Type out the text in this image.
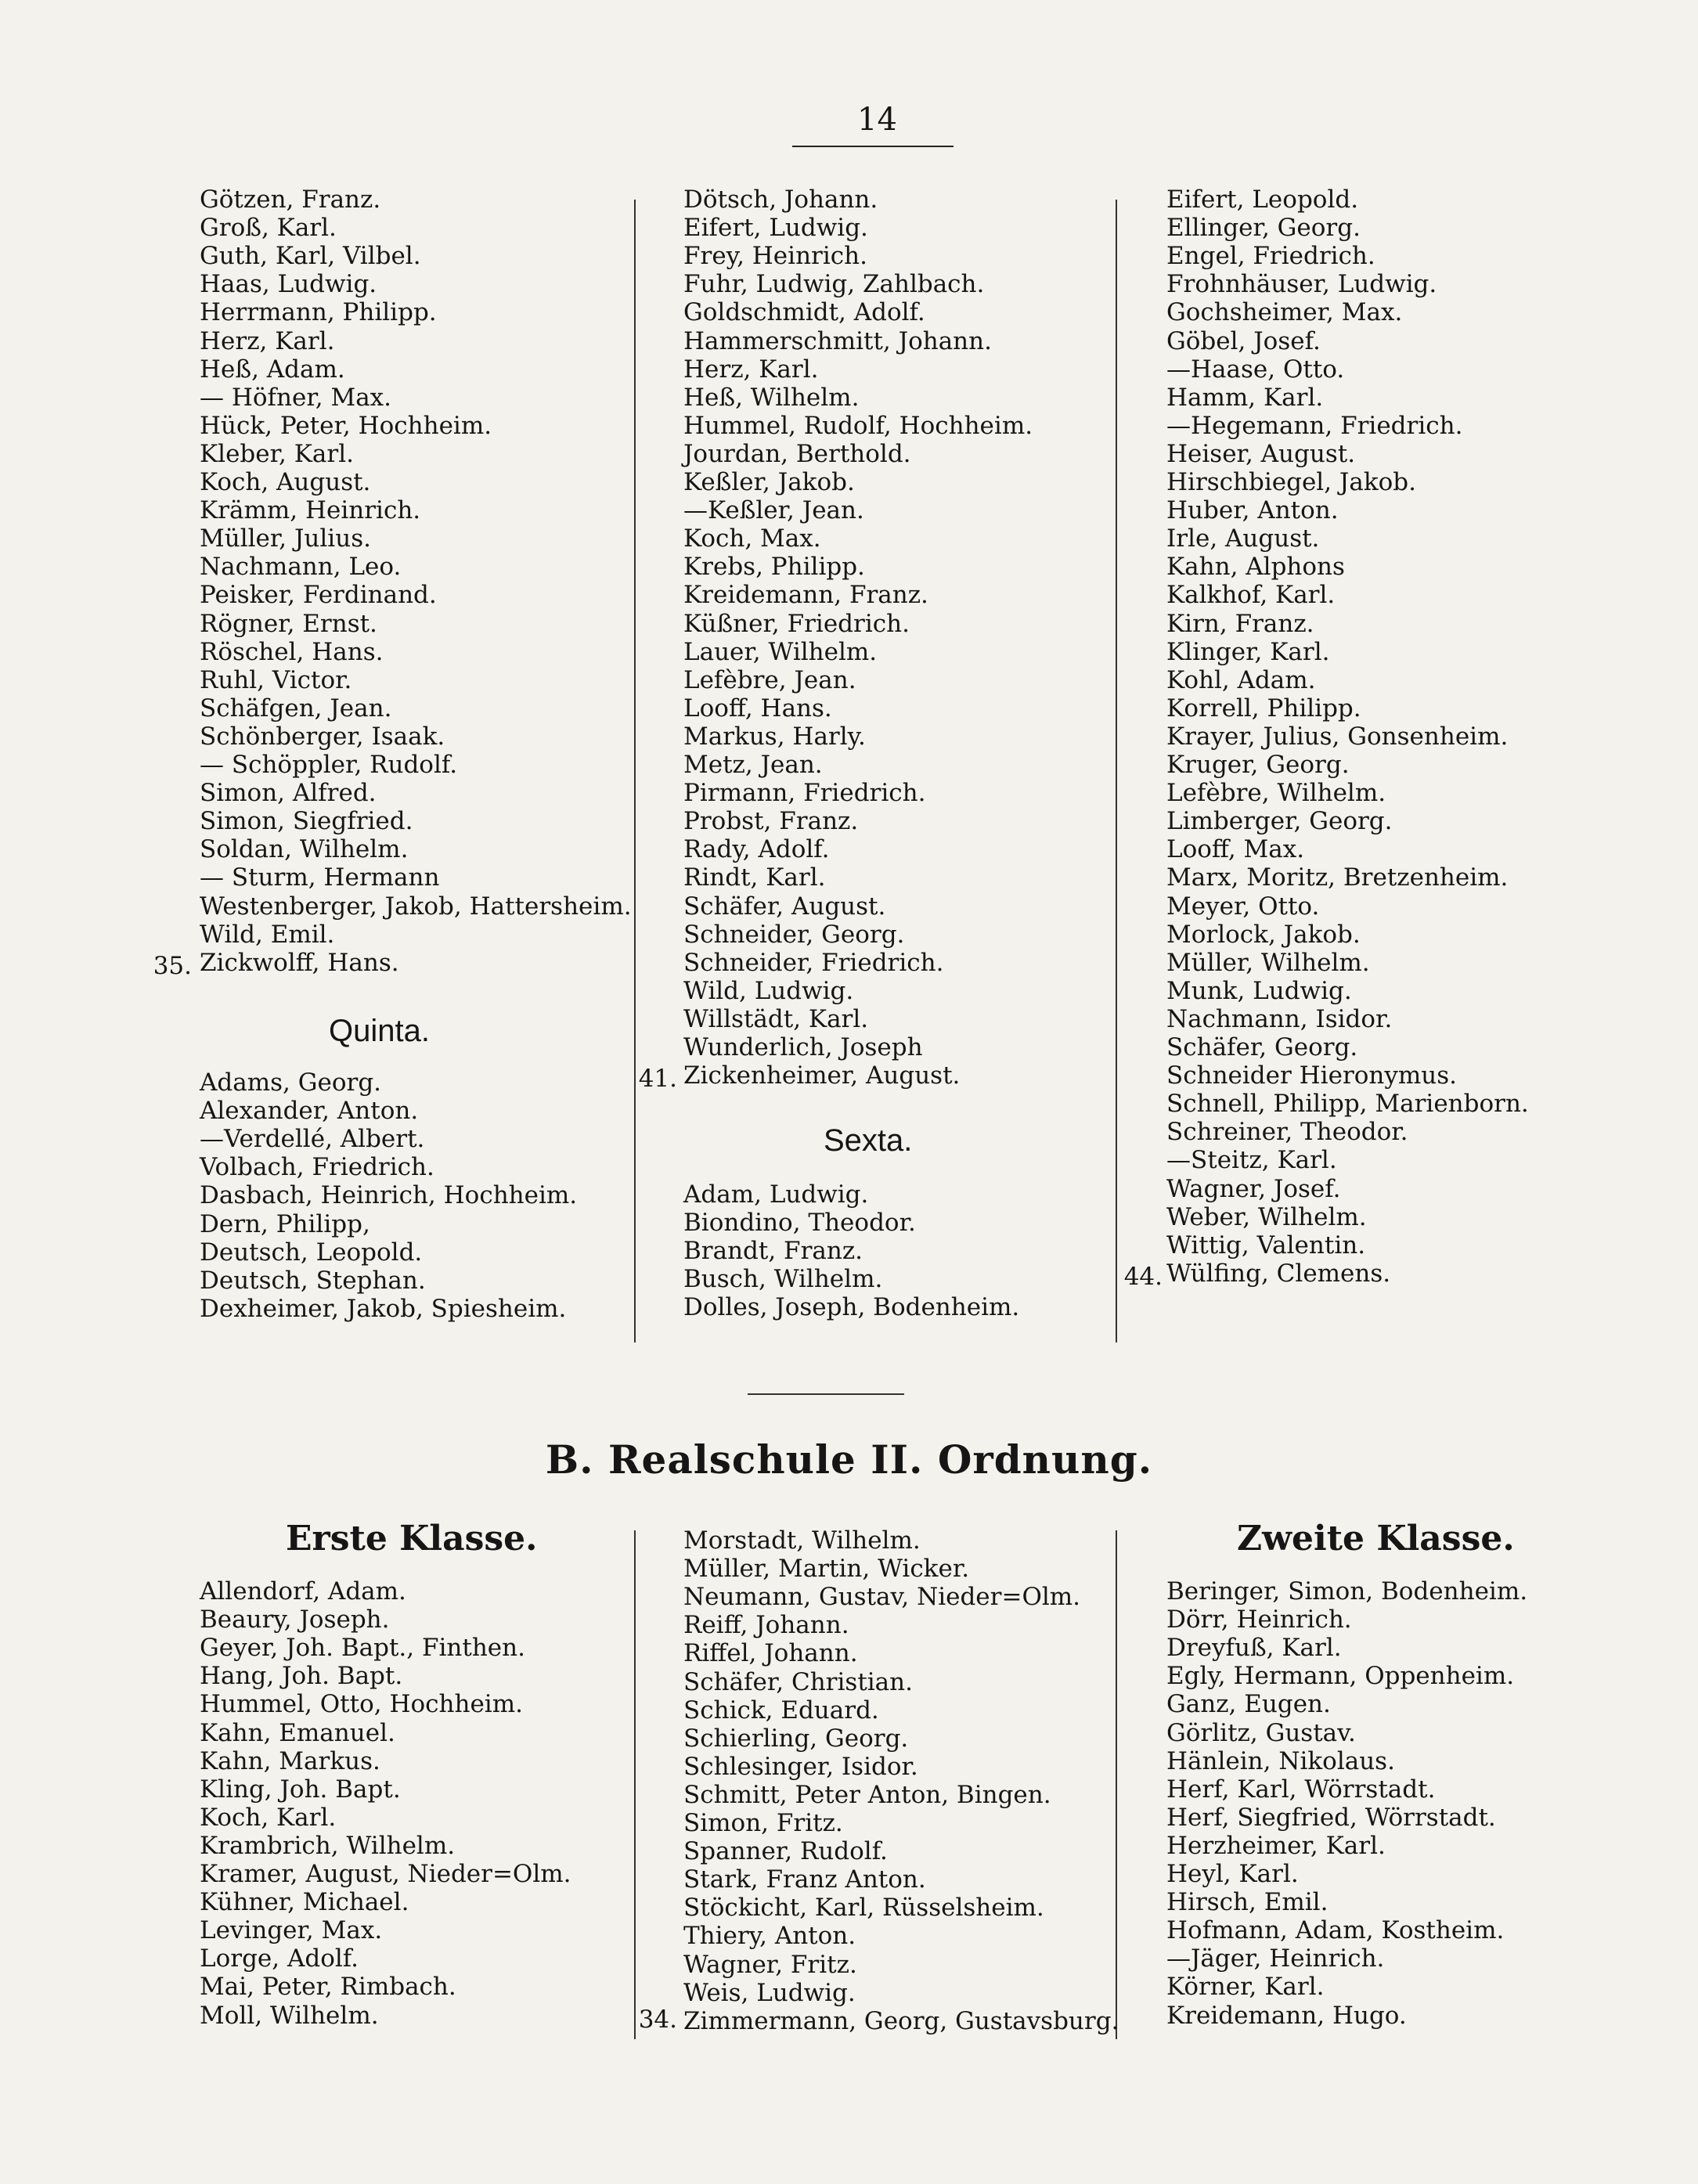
14
Götzen, Franz.
Groß, Karl.
Guth, Karl, Vilbel.
Haas, Ludwig.
Herrmann, Philipp.
Herz, Karl.
Heß, Adam.
— Höfner, Max.
Hück, Peter, Hochheim.
Kleber, Karl.
Koch, August.
Krämm, Heinrich.
Müller, Julius.
Nachmann, Leo.
Peisker, Ferdinand.
Rögner, Ernst.
Röschel, Hans.
Ruhl, Victor.
Schäfgen, Jean.
Schönberger, Isaak.
— Schöppler, Rudolf.
Simon, Alfred.
Simon, Siegfried.
Soldan, Wilhelm.
— Sturm, Hermann
Westenberger, Jakob, Hattersheim.
Wild, Emil.
Zickwolff, Hans.
35.
Quinta.
Adams, Georg.
Alexander, Anton.
—Verdellé, Albert.
Volbach, Friedrich.
Dasbach, Heinrich, Hochheim.
Dern, Philipp,
Deutsch, Leopold.
Deutsch, Stephan.
Dexheimer, Jakob, Spiesheim.
Dötsch, Johann.
Eifert, Ludwig.
Frey, Heinrich.
Fuhr, Ludwig, Zahlbach.
Goldschmidt, Adolf.
Hammerschmitt, Johann.
Herz, Karl.
Heß, Wilhelm.
Hummel, Rudolf, Hochheim.
Jourdan, Berthold.
Keßler, Jakob.
—Keßler, Jean.
Koch, Max.
Krebs, Philipp.
Kreidemann, Franz.
Küßner, Friedrich.
Lauer, Wilhelm.
Lefèbre, Jean.
Looff, Hans.
Markus, Harly.
Metz, Jean.
Pirmann, Friedrich.
Probst, Franz.
Rady, Adolf.
Rindt, Karl.
Schäfer, August.
Schneider, Georg.
Schneider, Friedrich.
Wild, Ludwig.
Willstädt, Karl.
Wunderlich, Joseph
Zickenheimer, August.
41.
Sexta.
Adam, Ludwig.
Biondino, Theodor.
Brandt, Franz.
Busch, Wilhelm.
Dolles, Joseph, Bodenheim.
Eifert, Leopold.
Ellinger, Georg.
Engel, Friedrich.
Frohnhäuser, Ludwig.
Gochsheimer, Max.
Göbel, Josef.
—Haase, Otto.
Hamm, Karl.
—Hegemann, Friedrich.
Heiser, August.
Hirschbiegel, Jakob.
Huber, Anton.
Irle, August.
Kahn, Alphons
Kalkhof, Karl.
Kirn, Franz.
Klinger, Karl.
Kohl, Adam.
Korrell, Philipp.
Krayer, Julius, Gonsenheim.
Kruger, Georg.
Lefèbre, Wilhelm.
Limberger, Georg.
Looff, Max.
Marx, Moritz, Bretzenheim.
Meyer, Otto.
Morlock, Jakob.
Müller, Wilhelm.
Munk, Ludwig.
Nachmann, Isidor.
Schäfer, Georg.
Schneider Hieronymus.
Schnell, Philipp, Marienborn.
Schreiner, Theodor.
—Steitz, Karl.
Wagner, Josef.
Weber, Wilhelm.
Wittig, Valentin.
Wülfing, Clemens.
44.
B. Realschule II. Ordnung.
Erste Klasse.
Allendorf, Adam.
Beaury, Joseph.
Geyer, Joh. Bapt., Finthen.
Hang, Joh. Bapt.
Hummel, Otto, Hochheim.
Kahn, Emanuel.
Kahn, Markus.
Kling, Joh. Bapt.
Koch, Karl.
Krambrich, Wilhelm.
Kramer, August, Nieder=Olm.
Kühner, Michael.
Levinger, Max.
Lorge, Adolf.
Mai, Peter, Rimbach.
Moll, Wilhelm.
Morstadt, Wilhelm.
Müller, Martin, Wicker.
Neumann, Gustav, Nieder=Olm.
Reiff, Johann.
Riffel, Johann.
Schäfer, Christian.
Schick, Eduard.
Schierling, Georg.
Schlesinger, Isidor.
Schmitt, Peter Anton, Bingen.
Simon, Fritz.
Spanner, Rudolf.
Stark, Franz Anton.
Stöckicht, Karl, Rüsselsheim.
Thiery, Anton.
Wagner, Fritz.
Weis, Ludwig.
Zimmermann, Georg, Gustavsburg.
34.
Zweite Klasse.
Beringer, Simon, Bodenheim.
Dörr, Heinrich.
Dreyfuß, Karl.
Egly, Hermann, Oppenheim.
Ganz, Eugen.
Görlitz, Gustav.
Hänlein, Nikolaus.
Herf, Karl, Wörrstadt.
Herf, Siegfried, Wörrstadt.
Herzheimer, Karl.
Heyl, Karl.
Hirsch, Emil.
Hofmann, Adam, Kostheim.
—Jäger, Heinrich.
Körner, Karl.
Kreidemann, Hugo.
